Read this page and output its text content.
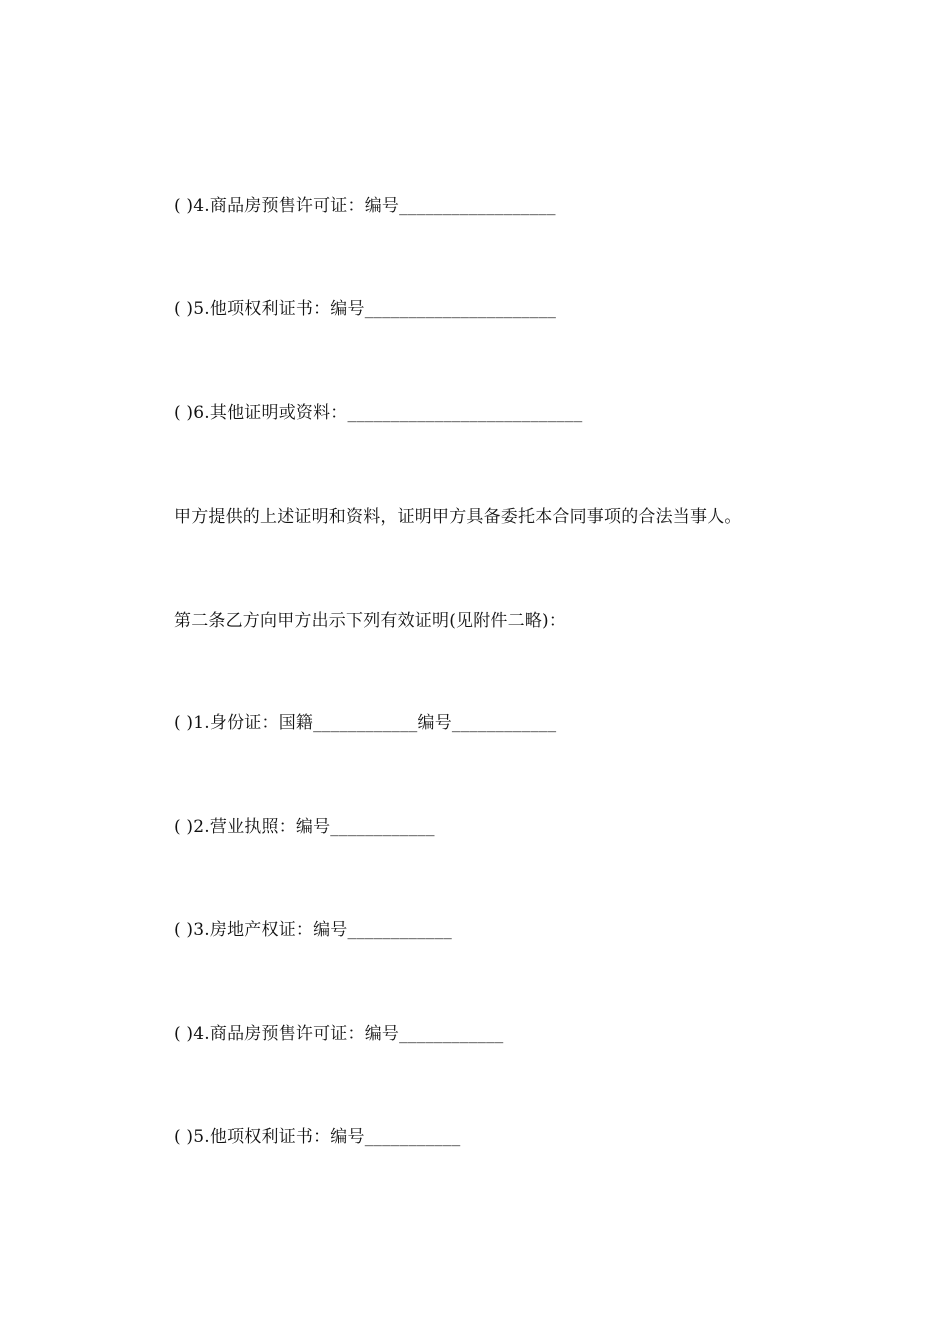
( )4.商品房预售许可证：编号__________________
( )5.他项权利证书：编号______________________
( )6.其他证明或资料：___________________________
甲方提供的上述证明和资料，证明甲方具备委托本合同事项的合法当事人。
第二条乙方向甲方出示下列有效证明(见附件二略)：
( )1.身份证：国籍____________编号____________
( )2.营业执照：编号____________
( )3.房地产权证：编号____________
( )4.商品房预售许可证：编号____________
( )5.他项权利证书：编号___________
